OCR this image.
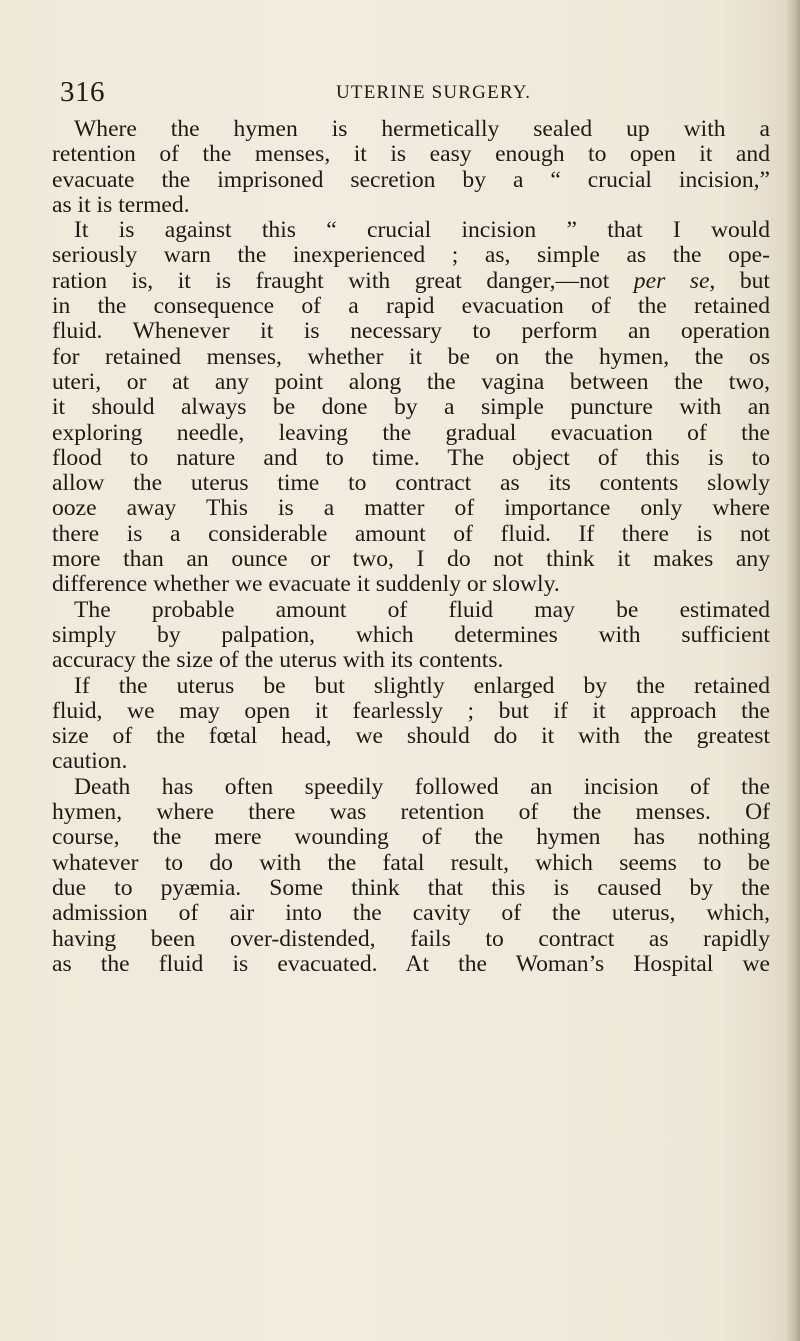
316	UTERINE SURGERY.
Where the hymen is hermetically sealed up with a
retention of the menses, it is easy enough to open it and
evacuate the imprisoned secretion by a “ crucial incision,”
as it is termed.
It is against this “ crucial incision ” that I would
seriously warn the inexperienced ; as, simple as the ope-
ration is, it is fraught with great danger,—not per se, but
in the consequence of a rapid evacuation of the retained
fluid. Whenever it is necessary to perform an operation
for retained menses, whether it be on the hymen, the os
uteri, or at any point along the vagina between the two,
it should always be done by a simple puncture with an
exploring needle, leaving the gradual evacuation of the
flood to nature and to time. The object of this is to
allow the uterus time to contract as its contents slowly
ooze away This is a matter of importance only where
there is a considerable amount of fluid. If there is not
more than an ounce or two, I do not think it makes any
difference whether we evacuate it suddenly or slowly.
The probable amount of fluid may be estimated
simply by palpation, which determines with sufficient
accuracy the size of the uterus with its contents.
If the uterus be but slightly enlarged by the retained
fluid, we may open it fearlessly ; but if it approach the
size of the fœtal head, we should do it with the greatest
caution.
Death has often speedily followed an incision of the
hymen, where there was retention of the menses. Of
course, the mere wounding of the hymen has nothing
whatever to do with the fatal result, which seems to be
due to pyæmia. Some think that this is caused by the
admission of air into the cavity of the uterus, which,
having been over-distended, fails to contract as rapidly
as the fluid is evacuated. At the Woman’s Hospital we
